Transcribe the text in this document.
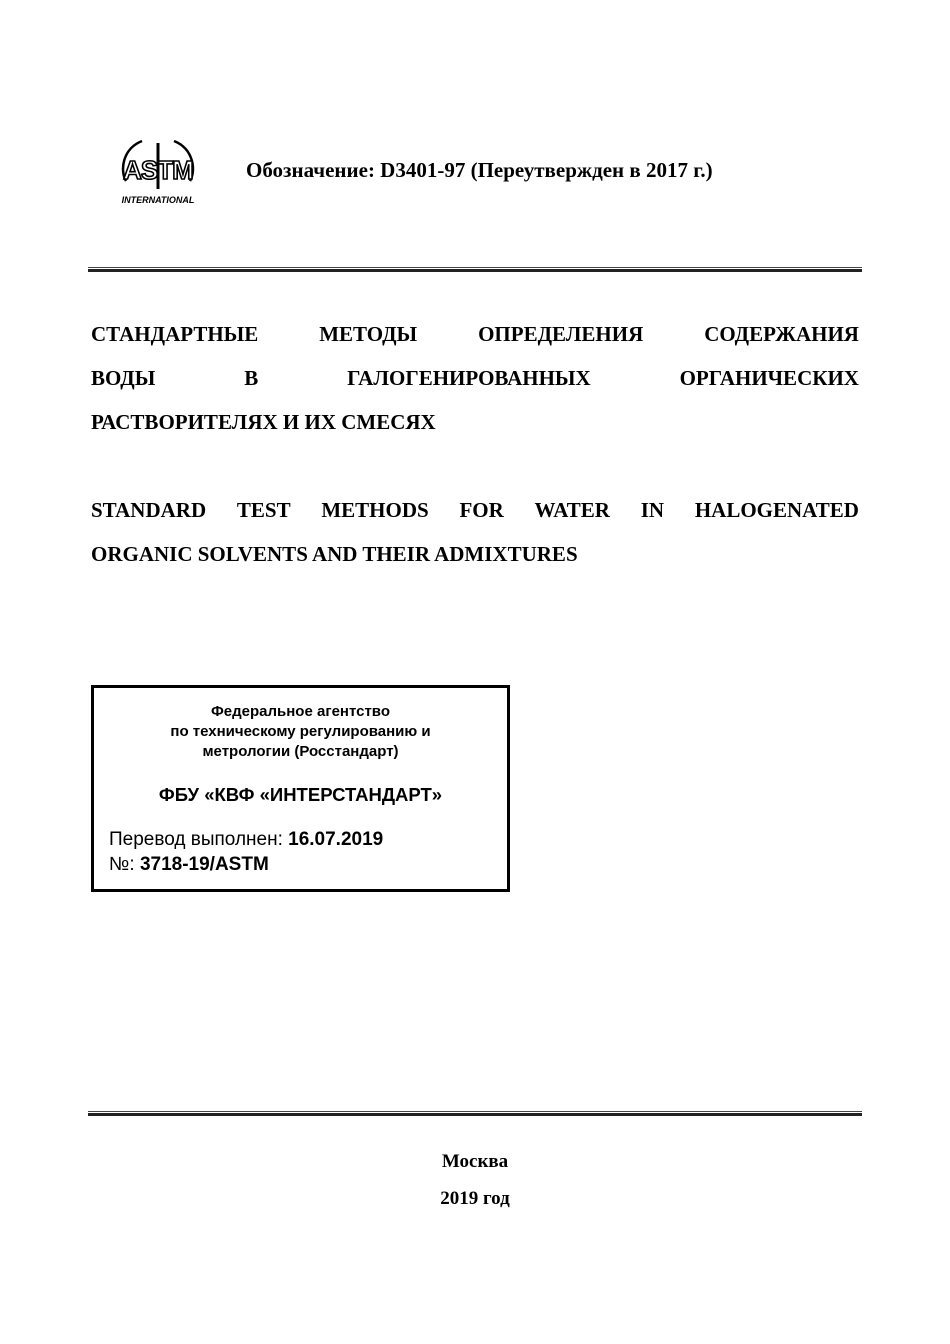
ASTM
INTERNATIONAL
Обозначение: D3401-97 (Переутвержден в 2017 г.)
СТАНДАРТНЫЕ	МЕТОДЫ	ОПРЕДЕЛЕНИЯ	СОДЕРЖАНИЯ
ВОДЫ	В	ГАЛОГЕНИРОВАННЫХ	ОРГАНИЧЕСКИХ
РАСТВОРИТЕЛЯХ И ИХ СМЕСЯХ
STANDARD TEST METHODS FOR WATER IN HALOGENATED
ORGANIC SOLVENTS AND THEIR ADMIXTURES
Федеральное агентство
по техническому регулированию и
метрологии (Росстандарт)
ФБУ «КВФ «ИНТЕРСТАНДАРТ»
Перевод выполнен: 16.07.2019
№: 3718-19/ASTM
Москва
2019 год
